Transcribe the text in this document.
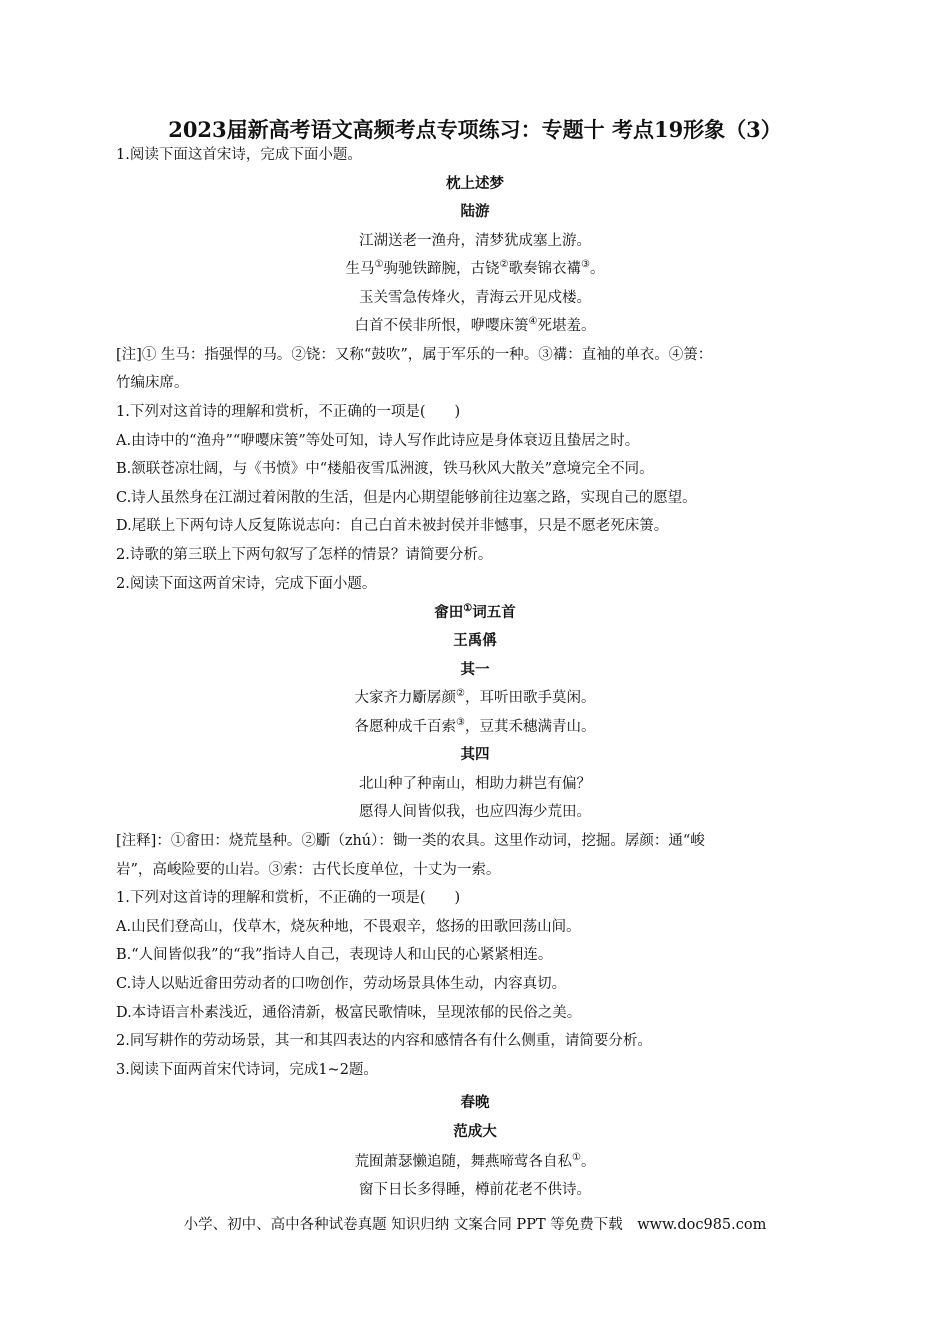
2023届新高考语文高频考点专项练习：专题十 考点19形象（3）
1.阅读下面这首宋诗，完成下面小题。
枕上述梦
陆游
江湖送老一渔舟，清梦犹成塞上游。
生马①驹驰铁蹄腕，古铙②歌奏锦衣褠③。
玉关雪急传烽火，青海云开见戍楼。
白首不侯非所恨，咿嘤床箦④死堪羞。
[注]① 生马：指强悍的马。②铙：又称“鼓吹”，属于军乐的一种。③褠：直袖的单衣。④箦：
竹编床席。
1.下列对这首诗的理解和赏析，不正确的一项是(　　)
A.由诗中的“渔舟”“咿嘤床箦”等处可知，诗人写作此诗应是身体衰迈且蛰居之时。
B.颔联苍凉壮阔，与《书愤》中“楼船夜雪瓜洲渡，铁马秋风大散关”意境完全不同。
C.诗人虽然身在江湖过着闲散的生活，但是内心期望能够前往边塞之路，实现自己的愿望。
D.尾联上下两句诗人反复陈说志向：自己白首未被封侯并非憾事，只是不愿老死床箦。
2.诗歌的第三联上下两句叙写了怎样的情景？请简要分析。
2.阅读下面这两首宋诗，完成下面小题。
畲田①词五首
王禹偁
其一
大家齐力斸孱颜②，耳听田歌手莫闲。
各愿种成千百索③，豆萁禾穗满青山。
其四
北山种了种南山，相助力耕岂有偏？
愿得人间皆似我，也应四海少荒田。
[注释]：①畲田：烧荒垦种。②斸（zhú）：锄一类的农具。这里作动词，挖掘。孱颜：通“峻
岩”，高峻险要的山岩。③索：古代长度单位，十丈为一索。
1.下列对这首诗的理解和赏析，不正确的一项是(　　)
A.山民们登高山，伐草木，烧灰种地，不畏艰辛，悠扬的田歌回荡山间。
B.“人间皆似我”的“我”指诗人自己，表现诗人和山民的心紧紧相连。
C.诗人以贴近畲田劳动者的口吻创作，劳动场景具体生动，内容真切。
D.本诗语言朴素浅近，通俗清新，极富民歌情味，呈现浓郁的民俗之美。
2.同写耕作的劳动场景，其一和其四表达的内容和感情各有什么侧重，请简要分析。
3.阅读下面两首宋代诗词，完成1~2题。
春晚
范成大
荒囿萧瑟懒追随，舞燕啼莺各自私①。
窗下日长多得睡，樽前花老不供诗。
小学、初中、高中各种试卷真题 知识归纳 文案合同 PPT 等免费下载　www.doc985.com
